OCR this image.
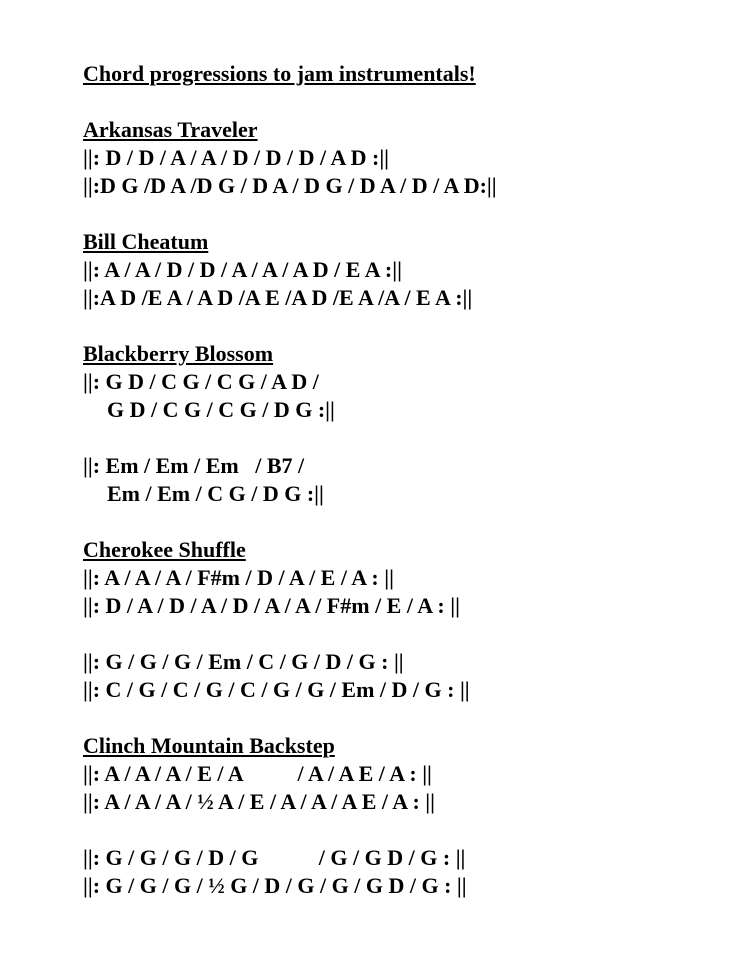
Chord progressions to jam instrumentals!
Arkansas Traveler
||: D / D / A / A / D / D / D / A D :||
||:D G /D A /D G / D A / D G / D A / D / A D:||
Bill Cheatum
||: A / A / D / D / A / A / A D / E A :||
||:A D /E A / A D /A E /A D /E A /A / E A :||
Blackberry Blossom
||: G D / C G / C G / A D /
G D / C G / C G / D G :||
||: Em / Em / Em   / B7 /
Em / Em / C G / D G :||
Cherokee Shuffle
||: A / A / A / F#m / D / A / E / A : ||
||: D / A / D / A / D / A / A / F#m / E / A : ||
||: G / G / G / Em / C / G / D / G : ||
||: C / G / C / G / C / G / G / Em / D / G : ||
Clinch Mountain Backstep
||: A / A / A / E / A          / A / A E / A : ||
||: A / A / A / ½ A / E / A / A / A E / A : ||
||: G / G / G / D / G           / G / G D / G : ||
||: G / G / G / ½ G / D / G / G / G D / G : ||
